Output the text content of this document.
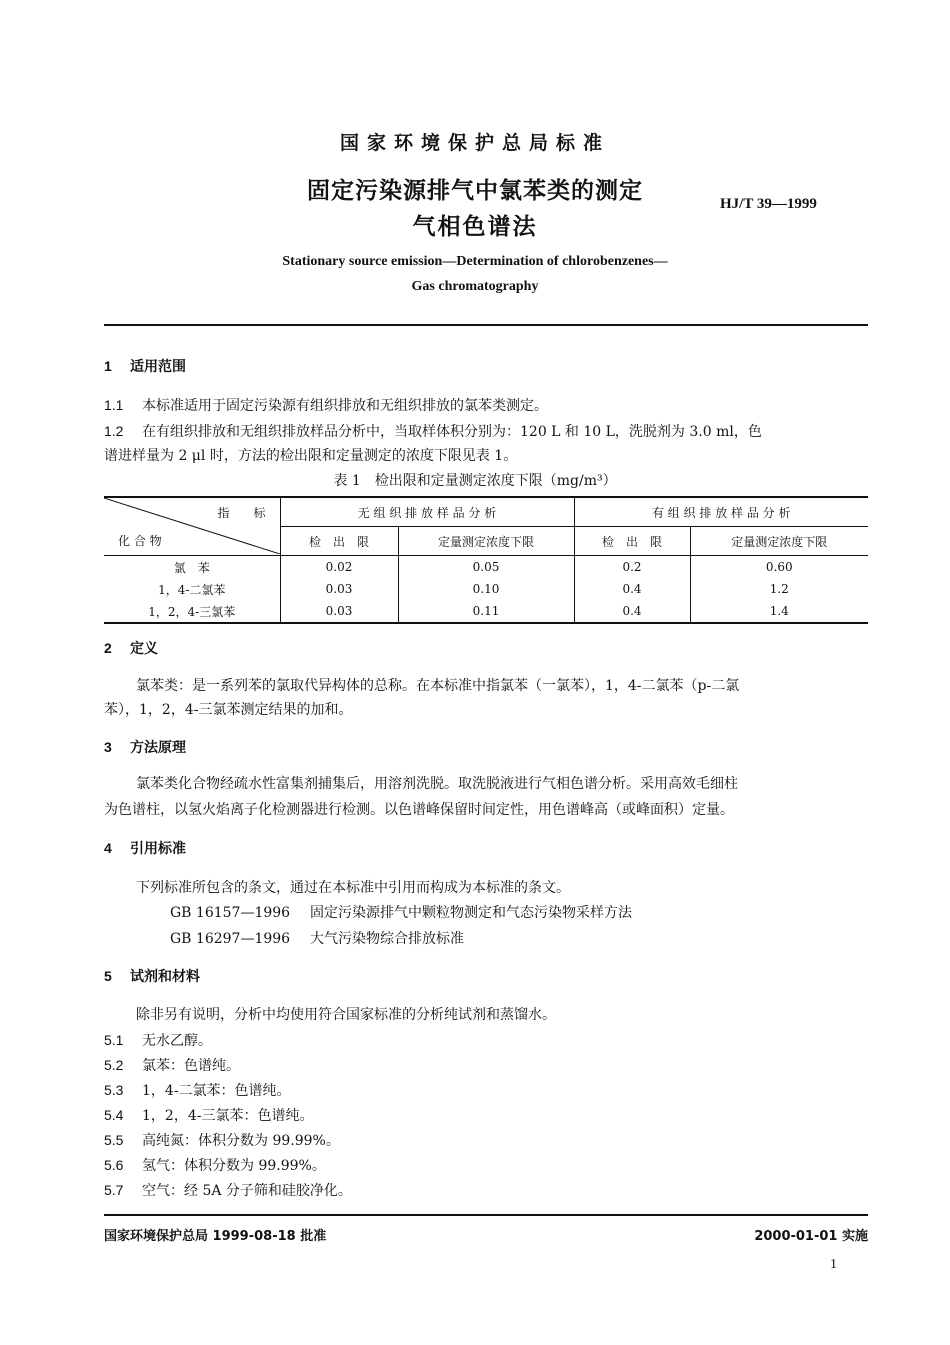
国家环境保护总局标准
固定污染源排气中氯苯类的测定
气相色谱法
HJ/T 39—1999
Stationary source emission—Determination of chlorobenzenes—
Gas chromatography
1 适用范围
1.1 本标准适用于固定污染源有组织排放和无组织排放的氯苯类测定。
1.2 在有组织排放和无组织排放样品分析中，当取样体积分别为：120 L 和 10 L，洗脱剂为 3.0 ml，色
谱进样量为 2 μl 时，方法的检出限和定量测定的浓度下限见表 1。
表 1　检出限和定量测定浓度下限（mg/m³）
指　　标
化 合 物	无 组 织 排 放 样 品 分 析		有 组 织 排 放 样 品 分 析	
	检　出　限	定量测定浓度下限	检　出　限	定量测定浓度下限
氯　苯	0.02	0.05	0.2	0.60
1，4-二氯苯	0.03	0.10	0.4	1.2
1，2，4-三氯苯	0.03	0.11	0.4	1.4
2 定义
氯苯类：是一系列苯的氯取代异构体的总称。在本标准中指氯苯（一氯苯），1，4-二氯苯（p-二氯
苯），1，2，4-三氯苯测定结果的加和。
3 方法原理
氯苯类化合物经疏水性富集剂捕集后，用溶剂洗脱。取洗脱液进行气相色谱分析。采用高效毛细柱
为色谱柱，以氢火焰离子化检测器进行检测。以色谱峰保留时间定性，用色谱峰高（或峰面积）定量。
4 引用标准
下列标准所包含的条文，通过在本标准中引用而构成为本标准的条文。
GB 16157—1996 固定污染源排气中颗粒物测定和气态污染物采样方法
GB 16297—1996 大气污染物综合排放标准
5 试剂和材料
除非另有说明，分析中均使用符合国家标准的分析纯试剂和蒸馏水。
5.1 无水乙醇。
5.2 氯苯：色谱纯。
5.3 1，4-二氯苯：色谱纯。
5.4 1，2，4-三氯苯：色谱纯。
5.5 高纯氮：体积分数为 99.99%。
5.6 氢气：体积分数为 99.99%。
5.7 空气：经 5A 分子筛和硅胶净化。
国家环境保护总局 1999-08-18 批准	2000-01-01 实施
1
